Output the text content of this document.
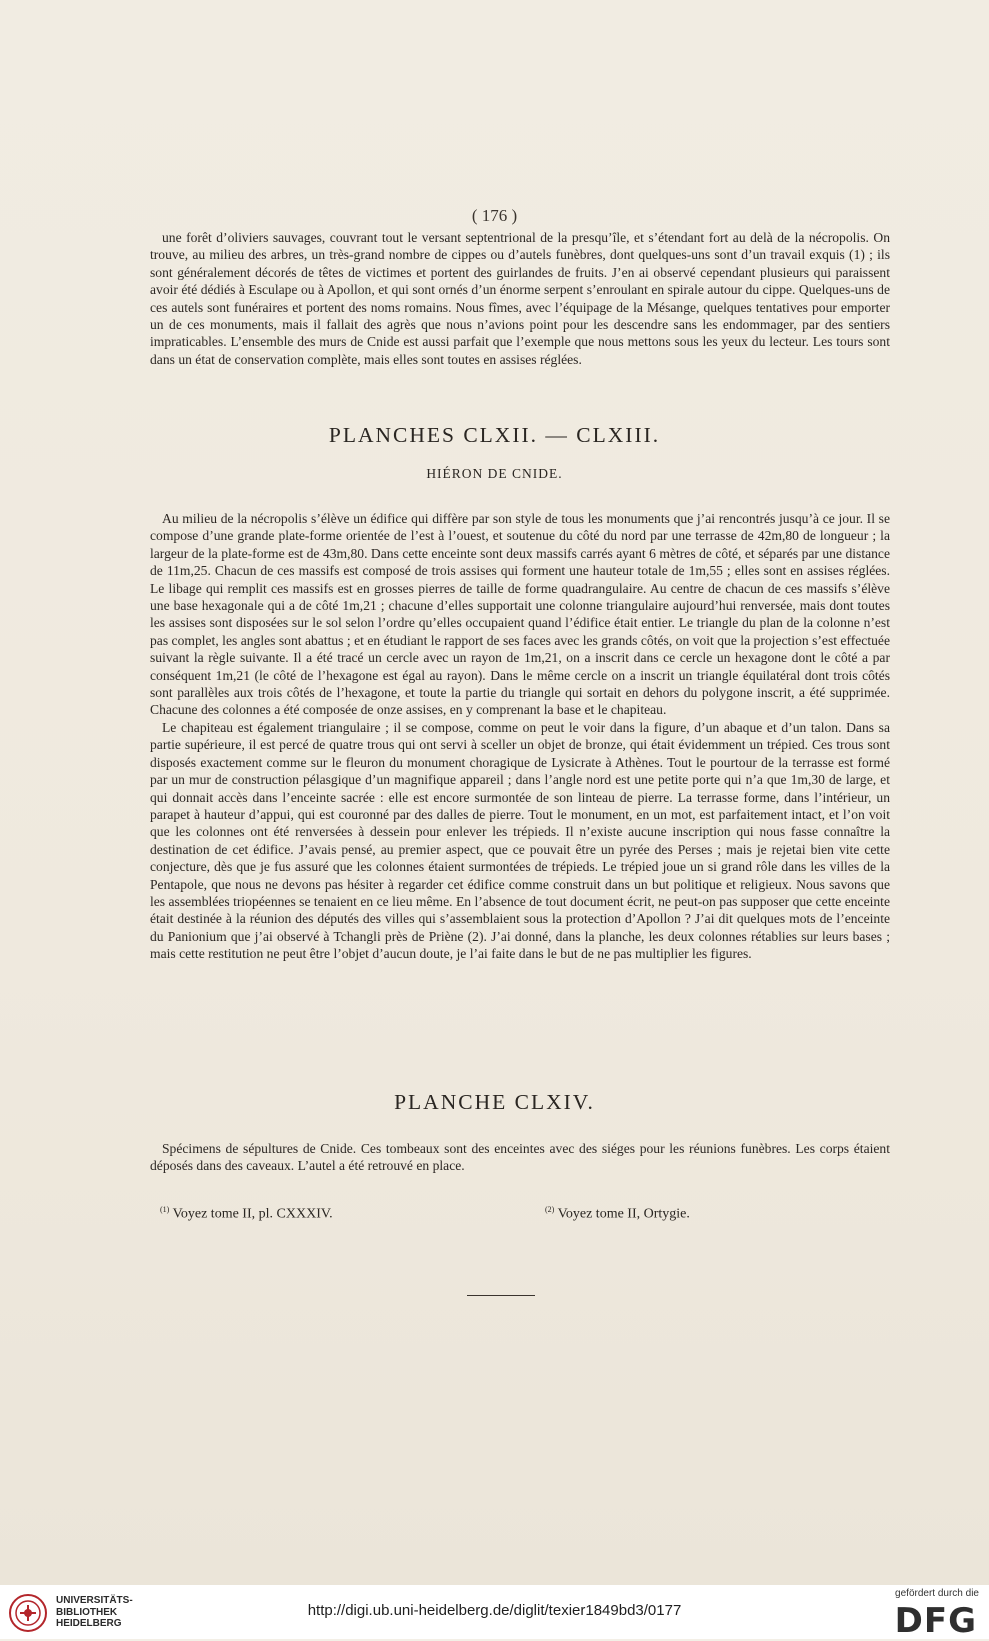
( 176 )
une forêt d’oliviers sauvages, couvrant tout le versant septentrional de la presqu’île, et s’étendant fort au delà de la nécropolis. On trouve, au milieu des arbres, un très-grand nombre de cippes ou d’autels funèbres, dont quelques-uns sont d’un travail exquis (1) ; ils sont généralement décorés de têtes de victimes et portent des guirlandes de fruits. J’en ai observé cependant plusieurs qui paraissent avoir été dédiés à Esculape ou à Apollon, et qui sont ornés d’un énorme serpent s’enroulant en spirale autour du cippe. Quelques-uns de ces autels sont funéraires et portent des noms romains. Nous fîmes, avec l’équipage de la Mésange, quelques tentatives pour emporter un de ces monuments, mais il fallait des agrès que nous n’avions point pour les descendre sans les endommager, par des sentiers impraticables. L’ensemble des murs de Cnide est aussi parfait que l’exemple que nous mettons sous les yeux du lecteur. Les tours sont dans un état de conservation complète, mais elles sont toutes en assises réglées.
PLANCHES CLXII. — CLXIII.
HIÉRON DE CNIDE.
Au milieu de la nécropolis s’élève un édifice qui diffère par son style de tous les monuments que j’ai rencontrés jusqu’à ce jour. Il se compose d’une grande plate-forme orientée de l’est à l’ouest, et soutenue du côté du nord par une terrasse de 42m,80 de longueur ; la largeur de la plate-forme est de 43m,80. Dans cette enceinte sont deux massifs carrés ayant 6 mètres de côté, et séparés par une distance de 11m,25. Chacun de ces massifs est composé de trois assises qui forment une hauteur totale de 1m,55 ; elles sont en assises réglées. Le libage qui remplit ces massifs est en grosses pierres de taille de forme quadrangulaire. Au centre de chacun de ces massifs s’élève une base hexagonale qui a de côté 1m,21 ; chacune d’elles supportait une colonne triangulaire aujourd’hui renversée, mais dont toutes les assises sont disposées sur le sol selon l’ordre qu’elles occupaient quand l’édifice était entier. Le triangle du plan de la colonne n’est pas complet, les angles sont abattus ; et en étudiant le rapport de ses faces avec les grands côtés, on voit que la projection s’est effectuée suivant la règle suivante. Il a été tracé un cercle avec un rayon de 1m,21, on a inscrit dans ce cercle un hexagone dont le côté a par conséquent 1m,21 (le côté de l’hexagone est égal au rayon). Dans le même cercle on a inscrit un triangle équilatéral dont trois côtés sont parallèles aux trois côtés de l’hexagone, et toute la partie du triangle qui sortait en dehors du polygone inscrit, a été supprimée. Chacune des colonnes a été composée de onze assises, en y comprenant la base et le chapiteau.
Le chapiteau est également triangulaire ; il se compose, comme on peut le voir dans la figure, d’un abaque et d’un talon. Dans sa partie supérieure, il est percé de quatre trous qui ont servi à sceller un objet de bronze, qui était évidemment un trépied. Ces trous sont disposés exactement comme sur le fleuron du monument choragique de Lysicrate à Athènes. Tout le pourtour de la terrasse est formé par un mur de construction pélasgique d’un magnifique appareil ; dans l’angle nord est une petite porte qui n’a que 1m,30 de large, et qui donnait accès dans l’enceinte sacrée : elle est encore surmontée de son linteau de pierre. La terrasse forme, dans l’intérieur, un parapet à hauteur d’appui, qui est couronné par des dalles de pierre. Tout le monument, en un mot, est parfaitement intact, et l’on voit que les colonnes ont été renversées à dessein pour enlever les trépieds. Il n’existe aucune inscription qui nous fasse connaître la destination de cet édifice. J’avais pensé, au premier aspect, que ce pouvait être un pyrée des Perses ; mais je rejetai bien vite cette conjecture, dès que je fus assuré que les colonnes étaient surmontées de trépieds. Le trépied joue un si grand rôle dans les villes de la Pentapole, que nous ne devons pas hésiter à regarder cet édifice comme construit dans un but politique et religieux. Nous savons que les assemblées triopéennes se tenaient en ce lieu même. En l’absence de tout document écrit, ne peut-on pas supposer que cette enceinte était destinée à la réunion des députés des villes qui s’assemblaient sous la protection d’Apollon ? J’ai dit quelques mots de l’enceinte du Panionium que j’ai observé à Tchangli près de Priène (2). J’ai donné, dans la planche, les deux colonnes rétablies sur leurs bases ; mais cette restitution ne peut être l’objet d’aucun doute, je l’ai faite dans le but de ne pas multiplier les figures.
PLANCHE CLXIV.
Spécimens de sépultures de Cnide. Ces tombeaux sont des enceintes avec des siéges pour les réunions funèbres. Les corps étaient déposés dans des caveaux. L’autel a été retrouvé en place.
$^{(1)}$ Voyez tome II, pl. CXXXIV.	$^{(2)}$ Voyez tome II, Ortygie.
UNIVERSITÄTS-
BIBLIOTHEK
HEIDELBERG
http://digi.ub.uni-heidelberg.de/diglit/texier1849bd3/0177
gefördert durch die
DFG
